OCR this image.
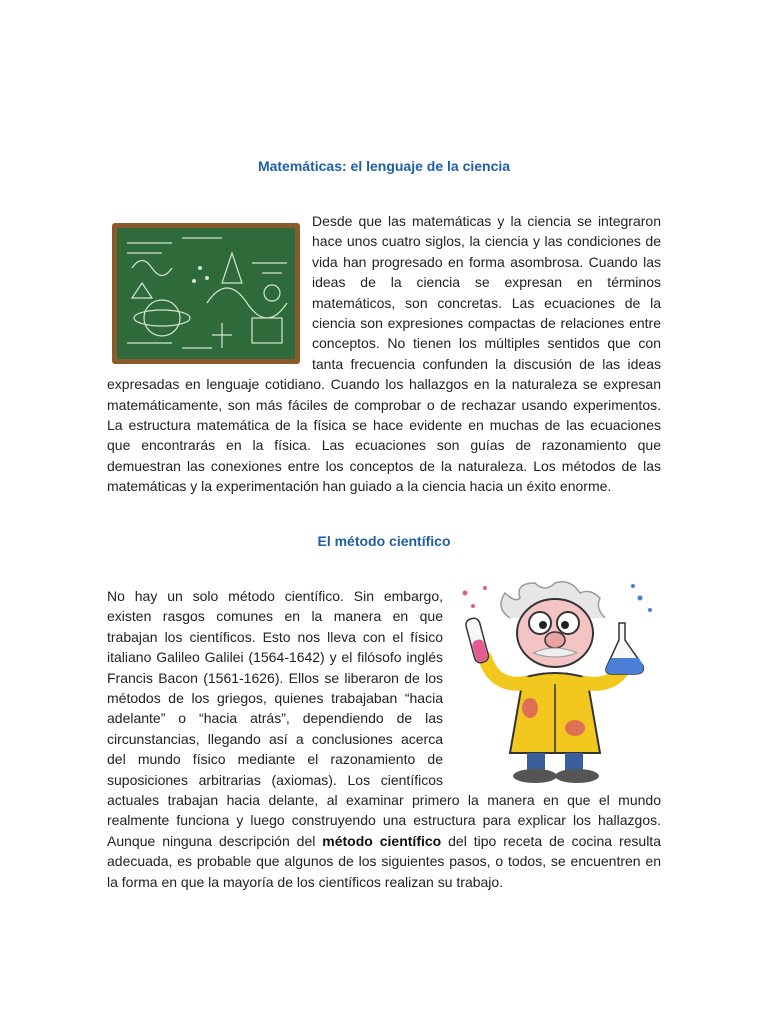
Matemáticas: el lenguaje de la ciencia

Desde que las matemáticas y la ciencia se integraron hace unos cuatro siglos, la ciencia y las condiciones de vida han progresado en forma asombrosa. Cuando las ideas de la ciencia se expresan en términos matemáticos, son concretas. Las ecuaciones de la ciencia son expresiones compactas de relaciones entre conceptos. No tienen los múltiples sentidos que con tanta frecuencia confunden la discusión de las ideas expresadas en lenguaje cotidiano. Cuando los hallazgos en la naturaleza se expresan matemáticamente, son más fáciles de comprobar o de rechazar usando experimentos. La estructura matemática de la física se hace evidente en muchas de las ecuaciones que encontrarás en la física. Las ecuaciones son guías de razonamiento que demuestran las conexiones entre los conceptos de la naturaleza. Los métodos de las matemáticas y la experimentación han guiado a la ciencia hacia un éxito enorme.

El método científico

No hay un solo método científico. Sin embargo, existen rasgos comunes en la manera en que trabajan los científicos. Esto nos lleva con el físico italiano Galileo Galilei (1564-1642) y el filósofo inglés Francis Bacon (1561-1626). Ellos se liberaron de los métodos de los griegos, quienes trabajaban “hacia adelante” o “hacia atrás”, dependiendo de las circunstancias, llegando así a conclusiones acerca del mundo físico mediante el razonamiento de suposiciones arbitrarias (axiomas). Los científicos actuales trabajan hacia delante, al examinar primero la manera en que el mundo realmente funciona y luego construyendo una estructura para explicar los hallazgos. Aunque ninguna descripción del método científico del tipo receta de cocina resulta adecuada, es probable que algunos de los siguientes pasos, o todos, se encuentren en la forma en que la mayoría de los científicos realizan su trabajo.
